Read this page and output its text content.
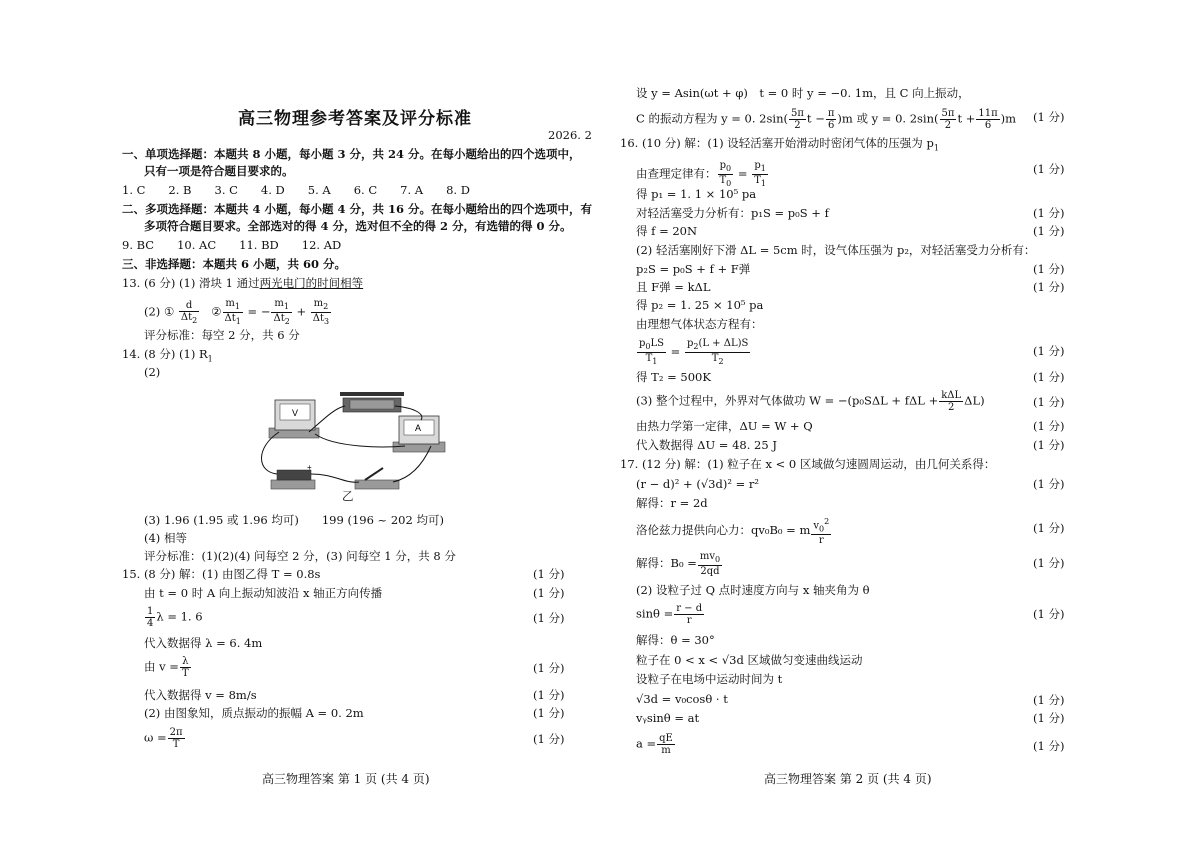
高三物理参考答案及评分标准
2026. 2
一、单项选择题：本题共 8 小题，每小题 3 分，共 24 分。在每小题给出的四个选项中，
只有一项是符合题目要求的。
1. C　　2. B　　3. C　　4. D　　5. A　　6. C　　7. A　　8. D
二、多项选择题：本题共 4 小题，每小题 4 分，共 16 分。在每小题给出的四个选项中，有
多项符合题目要求。全部选对的得 4 分，选对但不全的得 2 分，有选错的得 0 分。
9. BC　　10. AC　　11. BD　　12. AD
三、非选择题：本题共 6 小题，共 60 分。
13. (6 分) (1) 滑块 1 通过两光电门的时间相等
(2) ① $\frac{d}{\Delta t_2}$ ② $\frac{m_1}{\Delta t_1}$ = − $\frac{m_1}{\Delta t_2} + \frac{m_2}{\Delta t_3}$
评分标准：每空 2 分，共 6 分
14. (8 分) (1) $R_1$
(2)
V
A
+
乙
(3) 1.96 (1.95 或 1.96 均可)　　199 (196 ~ 202 均可)
(4) 相等
评分标准：(1)(2)(4) 问每空 2 分，(3) 问每空 1 分，共 8 分
15. (8 分) 解：(1) 由图乙得 T = 0.8s	(1 分)
由 t = 0 时 A 向上振动知波沿 x 轴正方向传播	(1 分)
$\frac{1}{4}$ λ = 1. 6	(1 分)
代入数据得 λ = 6. 4m
由 $v = \frac{\lambda}{T}$	(1 分)
代入数据得 v = 8m/s	(1 分)
(2) 由图象知，质点振动的振幅 A = 0. 2m	(1 分)
$\omega = \frac{2\pi}{T}$	(1 分)
高三物理答案 第 1 页 (共 4 页)
设 y = Asin(ωt + φ)　t = 0 时 y = −0. 1m，且 C 向上振动，
C 的振动方程为 y = 0. $2\sin( \frac{5\pi}{2}$ $t - \frac{\pi}{6} )m$ 或 y = 0. $2\sin( \frac{5\pi}{2}$ $t + \frac{11\pi}{6} )m$ (1 分)
16. (10 分) 解：(1) 设轻活塞开始滑动时密闭气体的压强为 $p_1$
由查理定律有： $\frac{p_0}{T_0} = \frac{p_1}{T_1}$	(1 分)
得 p₁ = 1. 1 × 10⁵ pa
对轻活塞受力分析有：p₁S = p₀S + f	(1 分)
得 f = 20N	(1 分)
(2) 轻活塞刚好下滑 ΔL = 5cm 时，设气体压强为 p₂，对轻活塞受力分析有：
p₂S = p₀S + f + F弹	(1 分)
且 F弹 = kΔL	(1 分)
得 p₂ = 1. 25 × 10⁵ pa
由理想气体状态方程有：
$\frac{p_0LS}{T_1} = \frac{p_2(L + \Delta L)S}{T_2}$	(1 分)
得 T₂ = 500K	(1 分)
(3) 整个过程中，外界对气体做功 $W = -(p_0S\Delta L + f\Delta L + \frac{\text{kΔL}}{2} \Delta L)$	(1 分)
由热力学第一定律，ΔU = W + Q	(1 分)
代入数据得 ΔU = 48. 25 J	(1 分)
17. (12 分) 解：(1) 粒子在 x < 0 区域做匀速圆周运动，由几何关系得：
(r − d)² + (√3d)² = r²	(1 分)
解得：r = 2d
洛伦兹力提供向心力：qv₀B₀ = m $\frac{v_0^2}{r}$	(1 分)
解得：$B_0 = \frac{mv_0}{2qd}$	(1 分)
(2) 设粒子过 Q 点时速度方向与 x 轴夹角为 θ
$\sin\theta = \frac{r - d}{r}$	(1 分)
解得：θ = 30°
粒子在 0 < x < √3d 区域做匀变速曲线运动
设粒子在电场中运动时间为 t
√3d = v₀cosθ · t	(1 分)
vᵧsinθ = at	(1 分)
$a = \frac{qE}{m}$	(1 分)
高三物理答案 第 2 页 (共 4 页)
